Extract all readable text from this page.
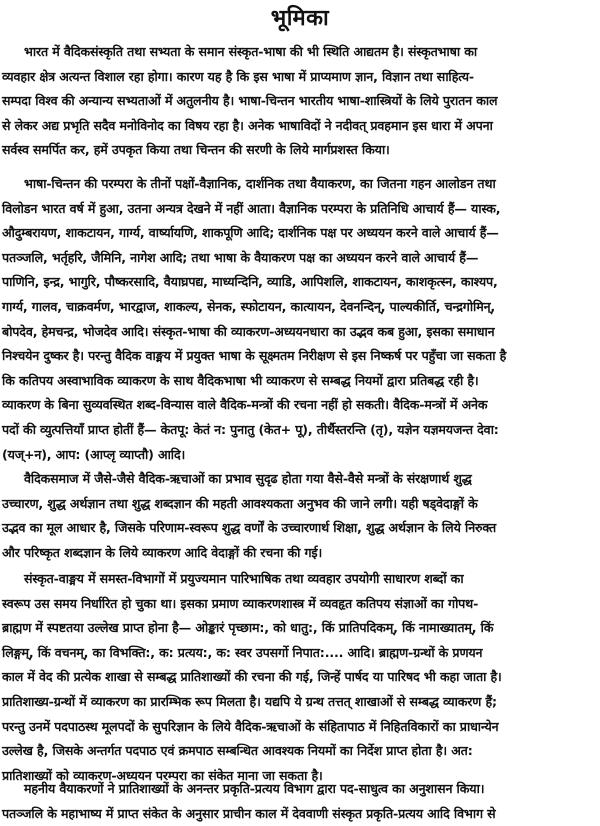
भूमिका
भारत में वैदिकसंस्कृति तथा सभ्यता के समान संस्कृत-भाषा की भी स्थिति आद्यतम है। संस्कृतभाषा का
व्यवहार क्षेत्र अत्यन्त विशाल रहा होगा। कारण यह है कि इस भाषा में प्राप्यमाण ज्ञान, विज्ञान तथा साहित्य-
सम्पदा विश्व की अन्यान्य सभ्यताओं में अतुलनीय है। भाषा-चिन्तन भारतीय भाषा-शास्त्रियों के लिये पुरातन काल
से लेकर अद्य प्रभृति सदैव मनोविनोद का विषय रहा है। अनेक भाषाविदों ने नदीवत् प्रवहमान इस धारा में अपना
सर्वस्व समर्पित कर, हमें उपकृत किया तथा चिन्तन की सरणी के लिये मार्गप्रशस्त किया।
भाषा-चिन्तन की परम्परा के तीनों पक्षों-वैज्ञानिक, दार्शनिक तथा वैयाकरण, का जितना गहन आलोडन तथा
विलोडन भारत वर्ष में हुआ, उतना अन्यत्र देखने में नहीं आता। वैज्ञानिक परम्परा के प्रतिनिधि आचार्य हैं— यास्क,
औदुम्बरायण, शाकटायन, गार्ग्य, वार्ष्यायणि, शाकपूणि आदि; दार्शनिक पक्ष पर अध्ययन करने वाले आचार्य हैं—
पतञ्जलि, भर्तृहरि, जैमिनि, नागेश आदि; तथा भाषा के वैयाकरण पक्ष का अध्ययन करने वाले आचार्य हैं—
पाणिनि, इन्द्र, भागुरि, पौष्करसादि, वैयाघ्रपद्य, माध्यन्दिनि, व्याडि, आपिशलि, शाकटायन, काशकृत्स्न, काश्यप,
गार्ग्य, गालव, चाक्रवर्मण, भारद्वाज, शाकल्य, सेनक, स्फोटायन, कात्यायन, देवनन्दिन्, पाल्यकीर्ति, चन्द्रगोमिन्,
बोपदेव, हेमचन्द्र, भोजदेव आदि। संस्कृत-भाषा की व्याकरण-अध्ययनधारा का उद्भव कब हुआ, इसका समाधान
निश्चयेन दुष्कर है। परन्तु वैदिक वाङ्मय में प्रयुक्त भाषा के सूक्ष्मतम निरीक्षण से इस निष्कर्ष पर पहुँचा जा सकता है
कि कतिपय अस्वाभाविक व्याकरण के साथ वैदिकभाषा भी व्याकरण से सम्बद्ध नियमों द्वारा प्रतिबद्ध रही है।
व्याकरण के बिना सुव्यवस्थित शब्द-विन्यास वाले वैदिक-मन्त्रों की रचना नहीं हो सकती। वैदिक-मन्त्रों में अनेक
पदों की व्युत्पत्तियाँ प्राप्त होतीं हैं— केतपू: केतं न: पुनातु (केत+ पू), तीर्थैस्तरन्ति (तृ), यज्ञेन यज्ञमयजन्त देवा:
(यज्+न), आप: (आप्लृ व्याप्तौ) आदि।
वैदिकसमाज में जैसे-जैसे वैदिक-ऋचाओं का प्रभाव सुदृढ होता गया वैसे-वैसे मन्त्रों के संरक्षणार्थ शुद्ध
उच्चारण, शुद्ध अर्थज्ञान तथा शुद्ध शब्दज्ञान की महती आवश्यकता अनुभव की जाने लगी। यही षड्वेदाङ्गों के
उद्भव का मूल आधार है, जिसके परिणाम-स्वरूप शुद्ध वर्णों के उच्चारणार्थ शिक्षा, शुद्ध अर्थज्ञान के लिये निरुक्त
और परिष्कृत शब्दज्ञान के लिये व्याकरण आदि वेदाङ्गों की रचना की गई।
संस्कृत-वाङ्मय में समस्त-विभागों में प्रयुज्यमान पारिभाषिक तथा व्यवहार उपयोगी साधारण शब्दों का
स्वरूप उस समय निर्धारित हो चुका था। इसका प्रमाण व्याकरणशास्त्र में व्यवहृत कतिपय संज्ञाओं का गोपथ-
ब्राह्मण में स्पष्टतया उल्लेख प्राप्त होना है— ओङ्कारं पृच्छाम:, को धातु:, किं प्रातिपदिकम्, किं नामाख्यातम्, किं
लिङ्गम्, किं वचनम्, का विभक्ति:, क: प्रत्यय:, क: स्वर उपसर्गो निपात:.... आदि। ब्राह्मण-ग्रन्थों के प्रणयन
काल में वेद की प्रत्येक शाखा से सम्बद्ध प्रातिशाख्यों की रचना की गई, जिन्हें पार्षद या पारिषद भी कहा जाता है।
प्रातिशाख्य-ग्रन्थों में व्याकरण का प्रारम्भिक रूप मिलता है। यद्यपि ये ग्रन्थ तत्तत् शाखाओं से सम्बद्ध व्याकरण हैं;
परन्तु उनमें पदपाठस्थ मूलपदों के सुपरिज्ञान के लिये वैदिक-ऋचाओं के संहितापाठ में निहितविकारों का प्राधान्येन
उल्लेख है, जिसके अन्तर्गत पदपाठ एवं क्रमपाठ सम्बन्धित आवश्यक नियमों का निर्देश प्राप्त होता है। अत:
प्रातिशाख्यों को व्याकरण-अध्ययन परम्परा का संकेत माना जा सकता है।
महनीय वैयाकरणों ने प्रातिशाख्यों के अनन्तर प्रकृति-प्रत्यय विभाग द्वारा पद-साधुत्व का अनुशासन किया।
पतञ्जलि के महाभाष्य में प्राप्त संकेत के अनुसार प्राचीन काल में देववाणी संस्कृत प्रकृति-प्रत्यय आदि विभाग से
